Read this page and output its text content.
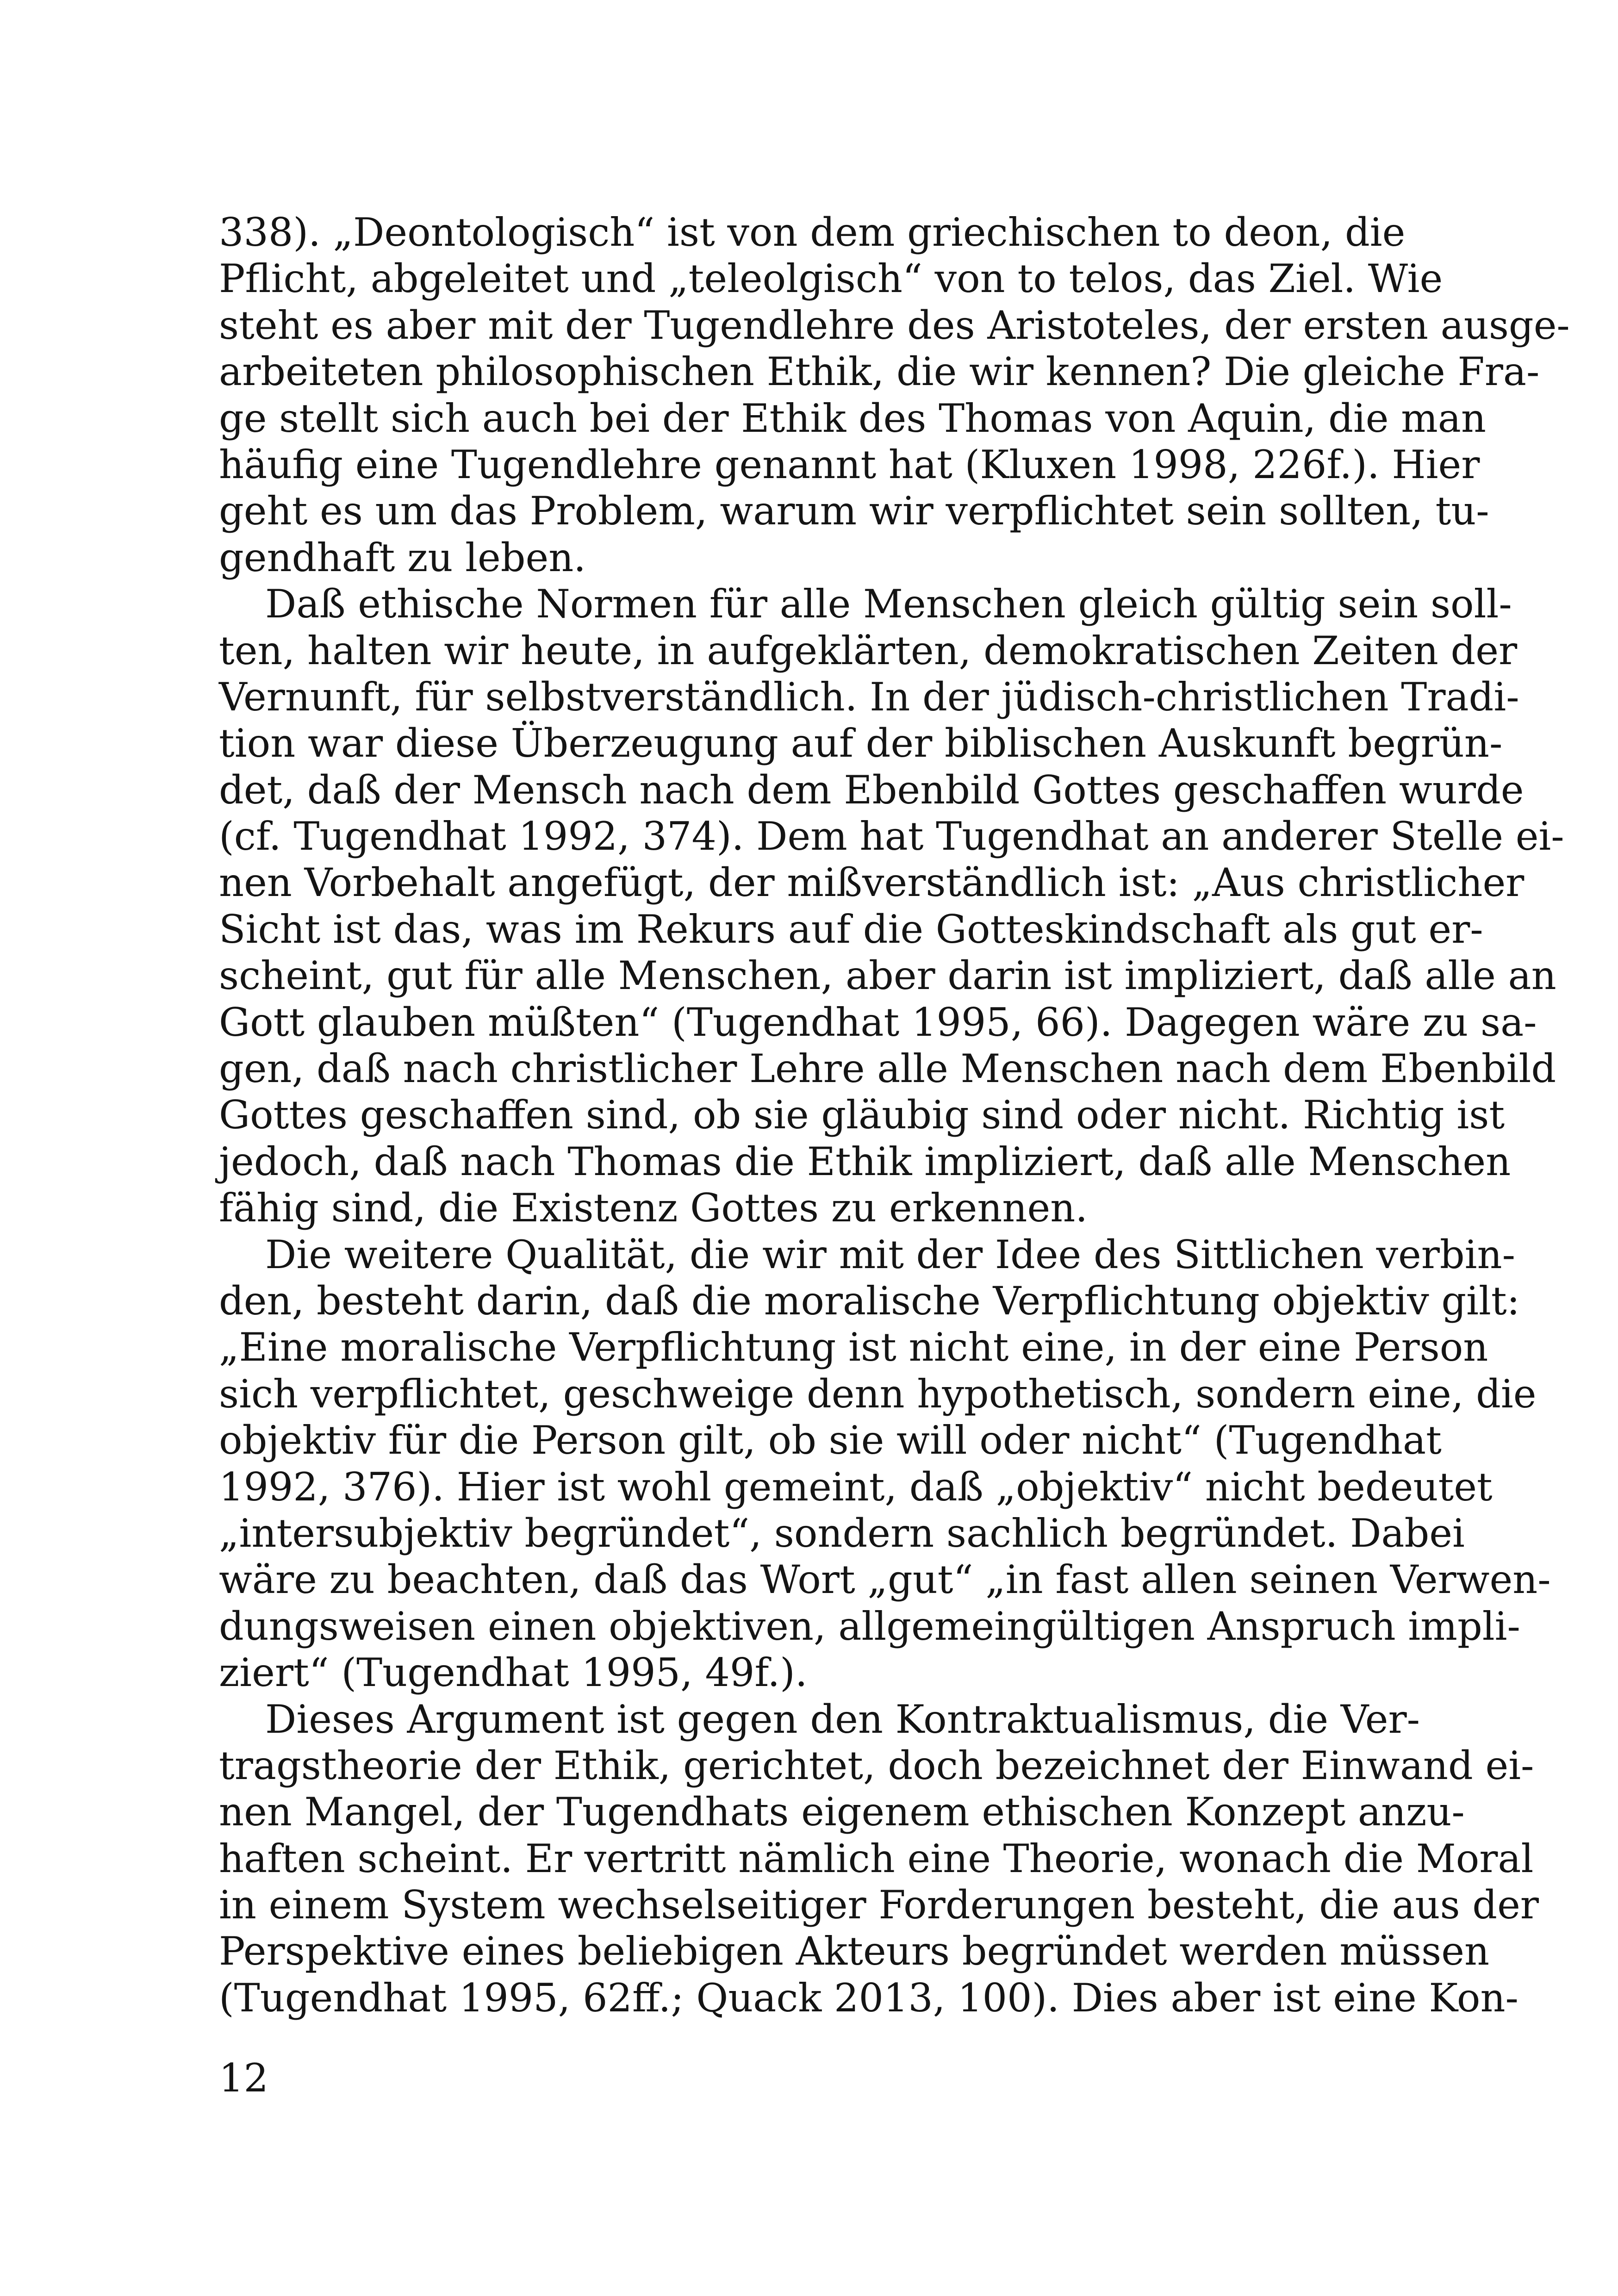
338). „Deontologisch“ ist von dem griechischen to deon, die
Pflicht, abgeleitet und „teleolgisch“ von to telos, das Ziel. Wie
steht es aber mit der Tugendlehre des Aristoteles, der ersten ausge-
arbeiteten philosophischen Ethik, die wir kennen? Die gleiche Fra-
ge stellt sich auch bei der Ethik des Thomas von Aquin, die man
häufig eine Tugendlehre genannt hat (Kluxen 1998, 226f.). Hier
geht es um das Problem, warum wir verpflichtet sein sollten, tu-
gendhaft zu leben.
Daß ethische Normen für alle Menschen gleich gültig sein soll-
ten, halten wir heute, in aufgeklärten, demokratischen Zeiten der
Vernunft, für selbstverständlich. In der jüdisch-christlichen Tradi-
tion war diese Überzeugung auf der biblischen Auskunft begrün-
det, daß der Mensch nach dem Ebenbild Gottes geschaffen wurde
(cf. Tugendhat 1992, 374). Dem hat Tugendhat an anderer Stelle ei-
nen Vorbehalt angefügt, der mißverständlich ist: „Aus christlicher
Sicht ist das, was im Rekurs auf die Gotteskindschaft als gut er-
scheint, gut für alle Menschen, aber darin ist impliziert, daß alle an
Gott glauben müßten“ (Tugendhat 1995, 66). Dagegen wäre zu sa-
gen, daß nach christlicher Lehre alle Menschen nach dem Ebenbild
Gottes geschaffen sind, ob sie gläubig sind oder nicht. Richtig ist
jedoch, daß nach Thomas die Ethik impliziert, daß alle Menschen
fähig sind, die Existenz Gottes zu erkennen.
Die weitere Qualität, die wir mit der Idee des Sittlichen verbin-
den, besteht darin, daß die moralische Verpflichtung objektiv gilt:
„Eine moralische Verpflichtung ist nicht eine, in der eine Person
sich verpflichtet, geschweige denn hypothetisch, sondern eine, die
objektiv für die Person gilt, ob sie will oder nicht“ (Tugendhat
1992, 376). Hier ist wohl gemeint, daß „objektiv“ nicht bedeutet
„intersubjektiv begründet“, sondern sachlich begründet. Dabei
wäre zu beachten, daß das Wort „gut“ „in fast allen seinen Verwen-
dungsweisen einen objektiven, allgemeingültigen Anspruch impli-
ziert“ (Tugendhat 1995, 49f.).
Dieses Argument ist gegen den Kontraktualismus, die Ver-
tragstheorie der Ethik, gerichtet, doch bezeichnet der Einwand ei-
nen Mangel, der Tugendhats eigenem ethischen Konzept anzu-
haften scheint. Er vertritt nämlich eine Theorie, wonach die Moral
in einem System wechselseitiger Forderungen besteht, die aus der
Perspektive eines beliebigen Akteurs begründet werden müssen
(Tugendhat 1995, 62ff.; Quack 2013, 100). Dies aber ist eine Kon-
12
